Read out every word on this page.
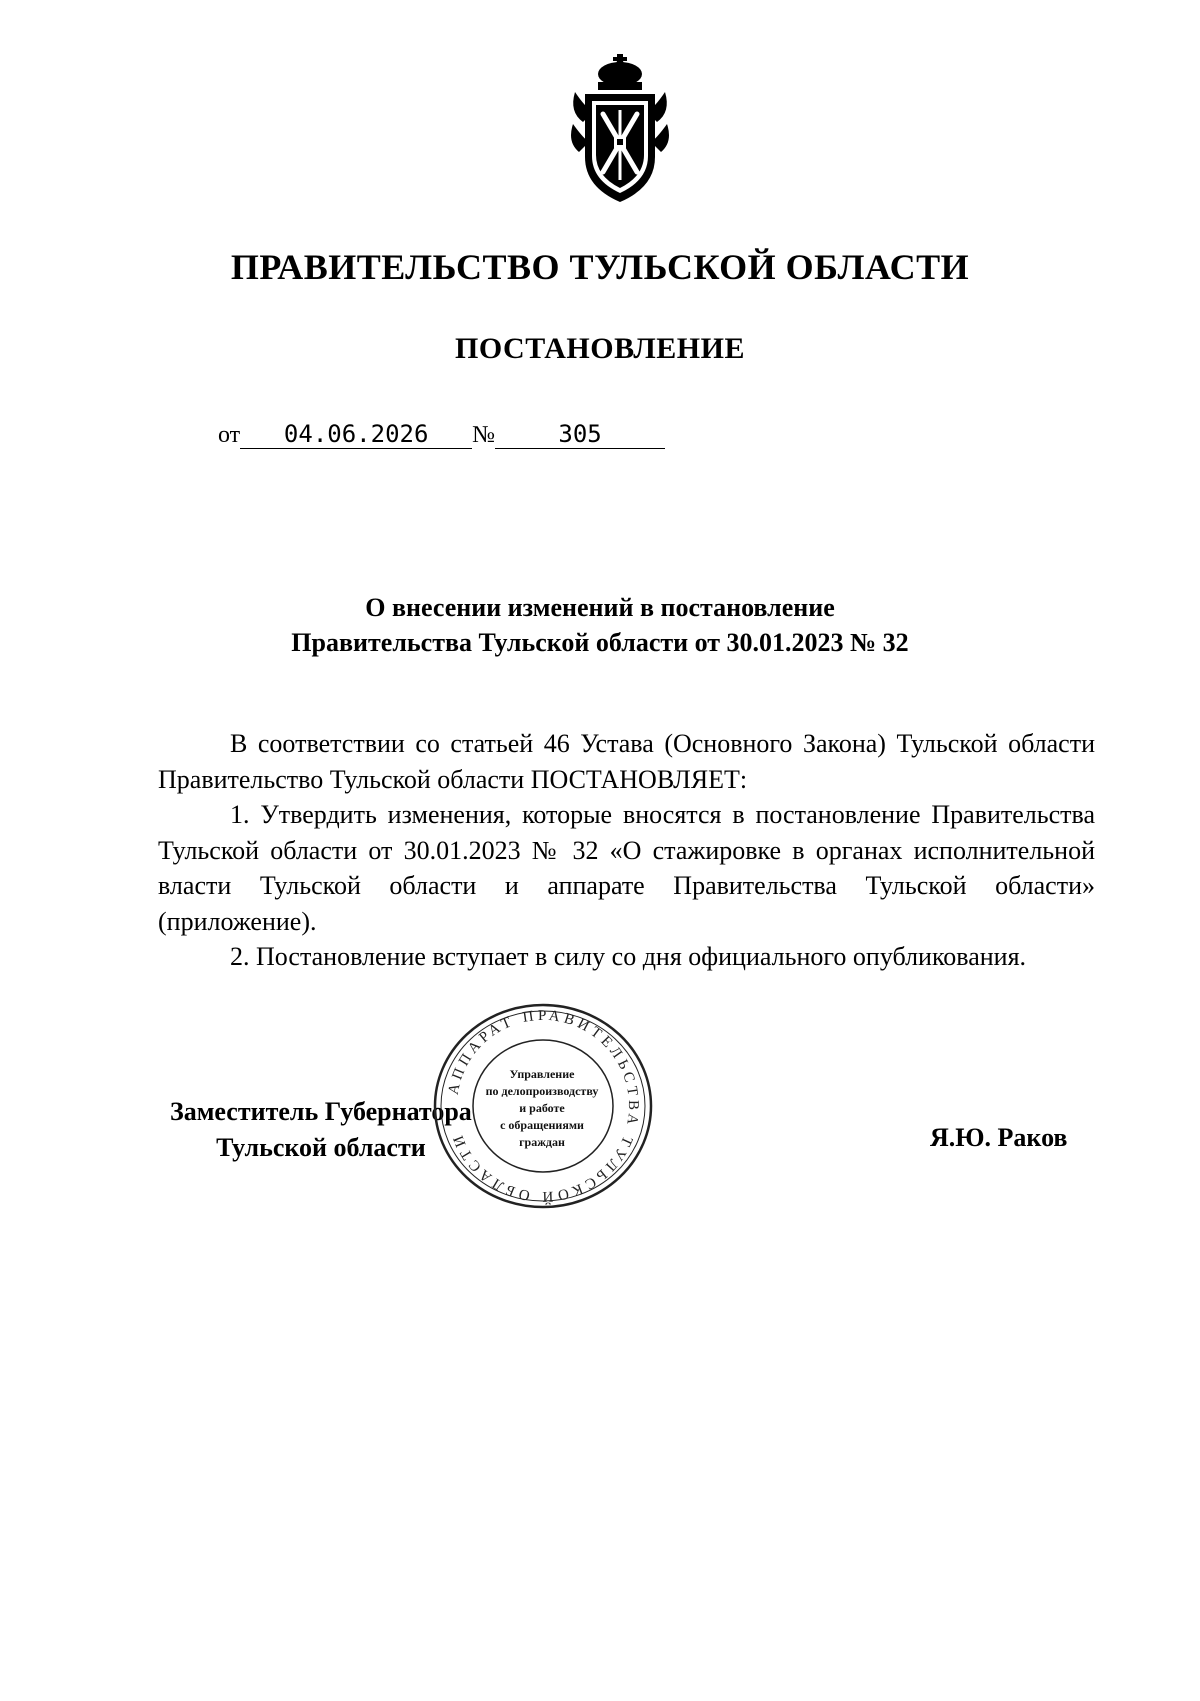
ПРАВИТЕЛЬСТВО ТУЛЬСКОЙ ОБЛАСТИ
ПОСТАНОВЛЕНИЕ
от 04.06.2026 №	305
О внесении изменений в постановление
Правительства Тульской области от 30.01.2023 № 32

В соответствии со статьей 46 Устава (Основного Закона) Тульской области Правительство Тульской области ПОСТАНОВЛЯЕТ:

1. Утвердить изменения, которые вносятся в постановление Правительства Тульской области от 30.01.2023 № 32 «О стажировке в органах исполнительной власти Тульской области и аппарате Правительства Тульской области» (приложение).

2. Постановление вступает в силу со дня официального опубликования.

Заместитель Губернатора
Тульской области	Я.Ю. Раков
АППАРАТ ПРАВИТЕЛЬСТВА ТУЛЬСКОЙ ОБЛАСТИ
Управление
по делопроизводству
и работе
с обращениями
граждан
